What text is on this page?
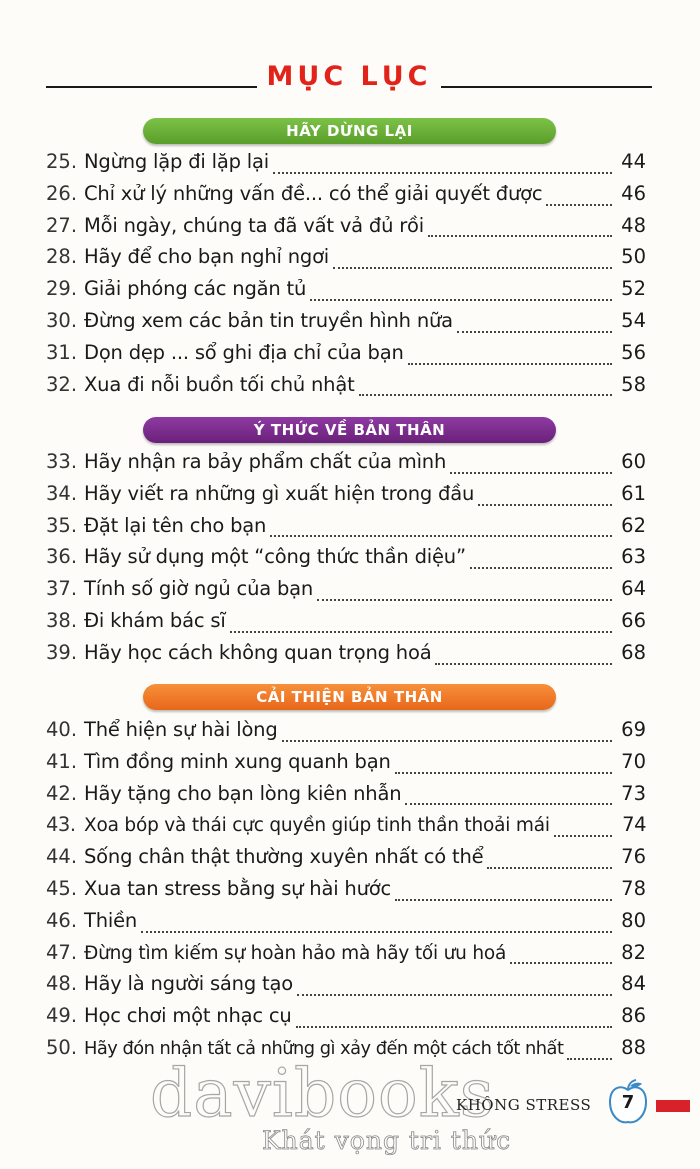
MỤC LỤC
HÃY DỪNG LẠI
25. Ngừng lặp đi lặp lại	44
26. Chỉ xử lý những vấn đề... có thể giải quyết được	46
27. Mỗi ngày, chúng ta đã vất vả đủ rồi	48
28. Hãy để cho bạn nghỉ ngơi	50
29. Giải phóng các ngăn tủ	52
30. Đừng xem các bản tin truyền hình nữa	54
31. Dọn dẹp ... sổ ghi địa chỉ của bạn	56
32. Xua đi nỗi buồn tối chủ nhật	58
Ý THỨC VỀ BẢN THÂN
33. Hãy nhận ra bảy phẩm chất của mình	60
34. Hãy viết ra những gì xuất hiện trong đầu	61
35. Đặt lại tên cho bạn	62
36. Hãy sử dụng một “công thức thần diệu”	63
37. Tính số giờ ngủ của bạn	64
38. Đi khám bác sĩ	66
39. Hãy học cách không quan trọng hoá	68
CẢI THIỆN BẢN THÂN
40. Thể hiện sự hài lòng	69
41. Tìm đồng minh xung quanh bạn	70
42. Hãy tặng cho bạn lòng kiên nhẫn	73
43. Xoa bóp và thái cực quyền giúp tinh thần thoải mái	74
44. Sống chân thật thường xuyên nhất có thể	76
45. Xua tan stress bằng sự hài hước	78
46. Thiền	80
47. Đừng tìm kiếm sự hoàn hảo mà hãy tối ưu hoá	82
48. Hãy là người sáng tạo	84
49. Học chơi một nhạc cụ	86
50. Hãy đón nhận tất cả những gì xảy đến một cách tốt nhất	88
davibooks
KHÔNG STRESS	7
Khát vọng tri thức
